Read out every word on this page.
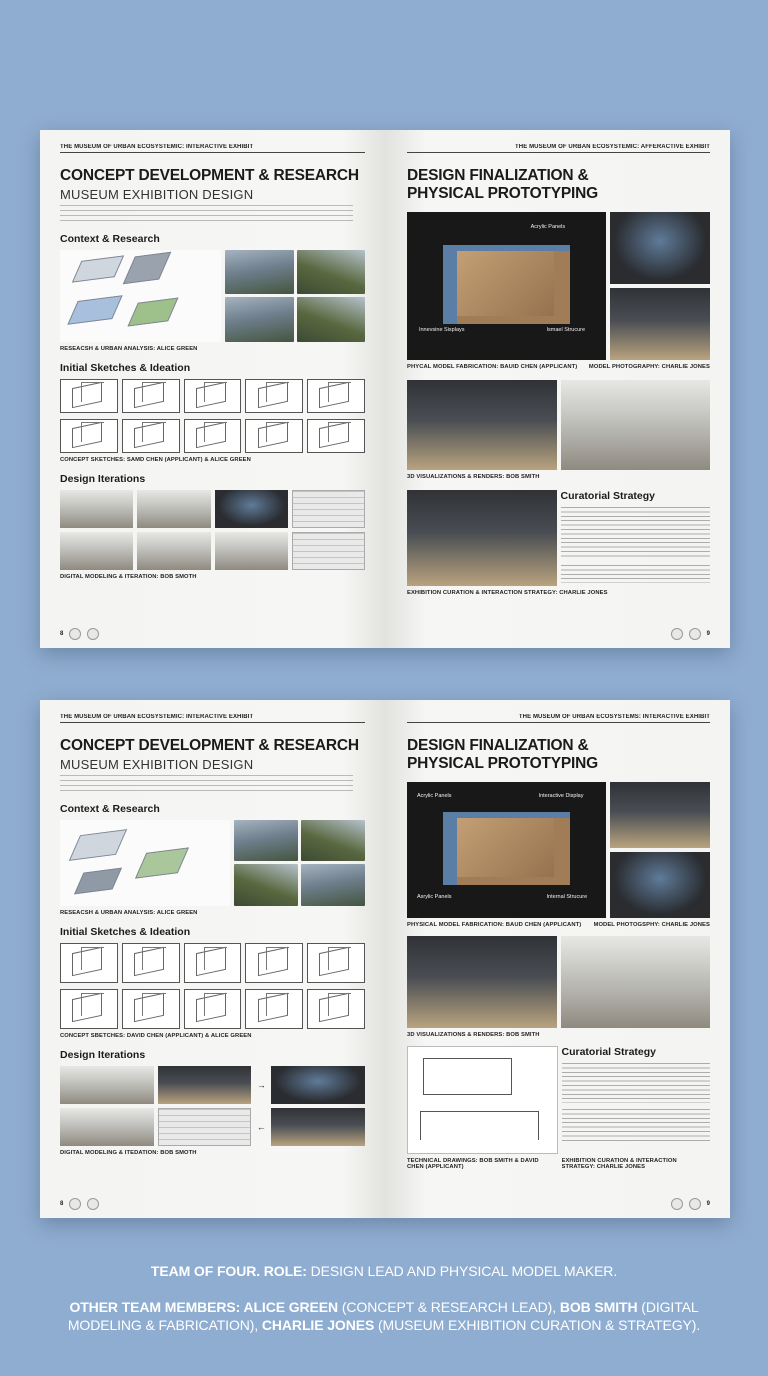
THE MUSEUM OF URBAN ECOSYSTEMIC: INTERACTIVE EXHIBIT
CONCEPT DEVELOPMENT & RESEARCH
MUSEUM EXHIBITION DESIGN
Context & Research
RESEACSH & URBAN ANALYSIS: ALICE GREEN
Initial Sketches & Ideation
CONCEPT SKETCHES: SAMD CHEN (APPLICANT) & ALICE GREEN
Design Iterations
DIGITAL MODELING & ITERATION: BOB SMOTH
8
THE MUSEUM OF URBAN ECOSYSTEMIC: AFFERACTIVE EXHIBIT
DESIGN FINALIZATION &
PHYSICAL PROTOTYPING
Acrylic Panels
Innevsine Sisplays	Ismael Strucure
PHYCAL MODEL FABRICATION: BAUID CHEN (APPLICANT) MODEL PHOTOGRAPHY: CHARLIE JONES
3D VISUALIZATIONS & RENDERS: BOB SMITH
Curatorial Strategy
EXHIBITION CURATION & INTERACTION STRATEGY: CHARLIE JONES
9
THE MUSEUM OF URBAN ECOSYSTEMIC: INTERACTIVE EXHIBIT
CONCEPT DEVELOPMENT & RESEARCH
MUSEUM EXHIBITION DESIGN
Context & Research
RESEACSH & URBAN ANALYSIS: ALICE GREEN
Initial Sketches & Ideation
CONCEPT SBETCHES: DAVID CHEN (APPLICANT) & ALICE GREEN
Design Iterations
→
←
DIGITAL MODELING & ITEDATION: BOB SMOTH
8
THE MUSEUM OF URBAN ECOSYSTEMS: INTERACTIVE EXHIBIT
DESIGN FINALIZATION &
PHYSICAL PROTOTYPING
Acrylic Panels	Interactive Display
Asrylic Panels	Internal Strucure
PHYSICAL MODEL FABRICATION: BAUD CHEN (APPLICANT) MODEL PHOTOGSPHY: CHARLIE JONES
3D VISUALIZATIONS & RENDERS: BOB SMITH
Curatorial Strategy
TECHNICAL DRAWINGS: BOB SMITH & DAVID CHEN (APPLICANT)
EXHIBITION CURATION & INTERACTION STRATEGY: CHARLIE JONES
9
TEAM OF FOUR. ROLE: DESIGN LEAD AND PHYSICAL MODEL MAKER.
OTHER TEAM MEMBERS: ALICE GREEN (CONCEPT & RESEARCH LEAD), BOB SMITH (DIGITAL MODELING & FABRICATION), CHARLIE JONES (MUSEUM EXHIBITION CURATION & STRATEGY).
